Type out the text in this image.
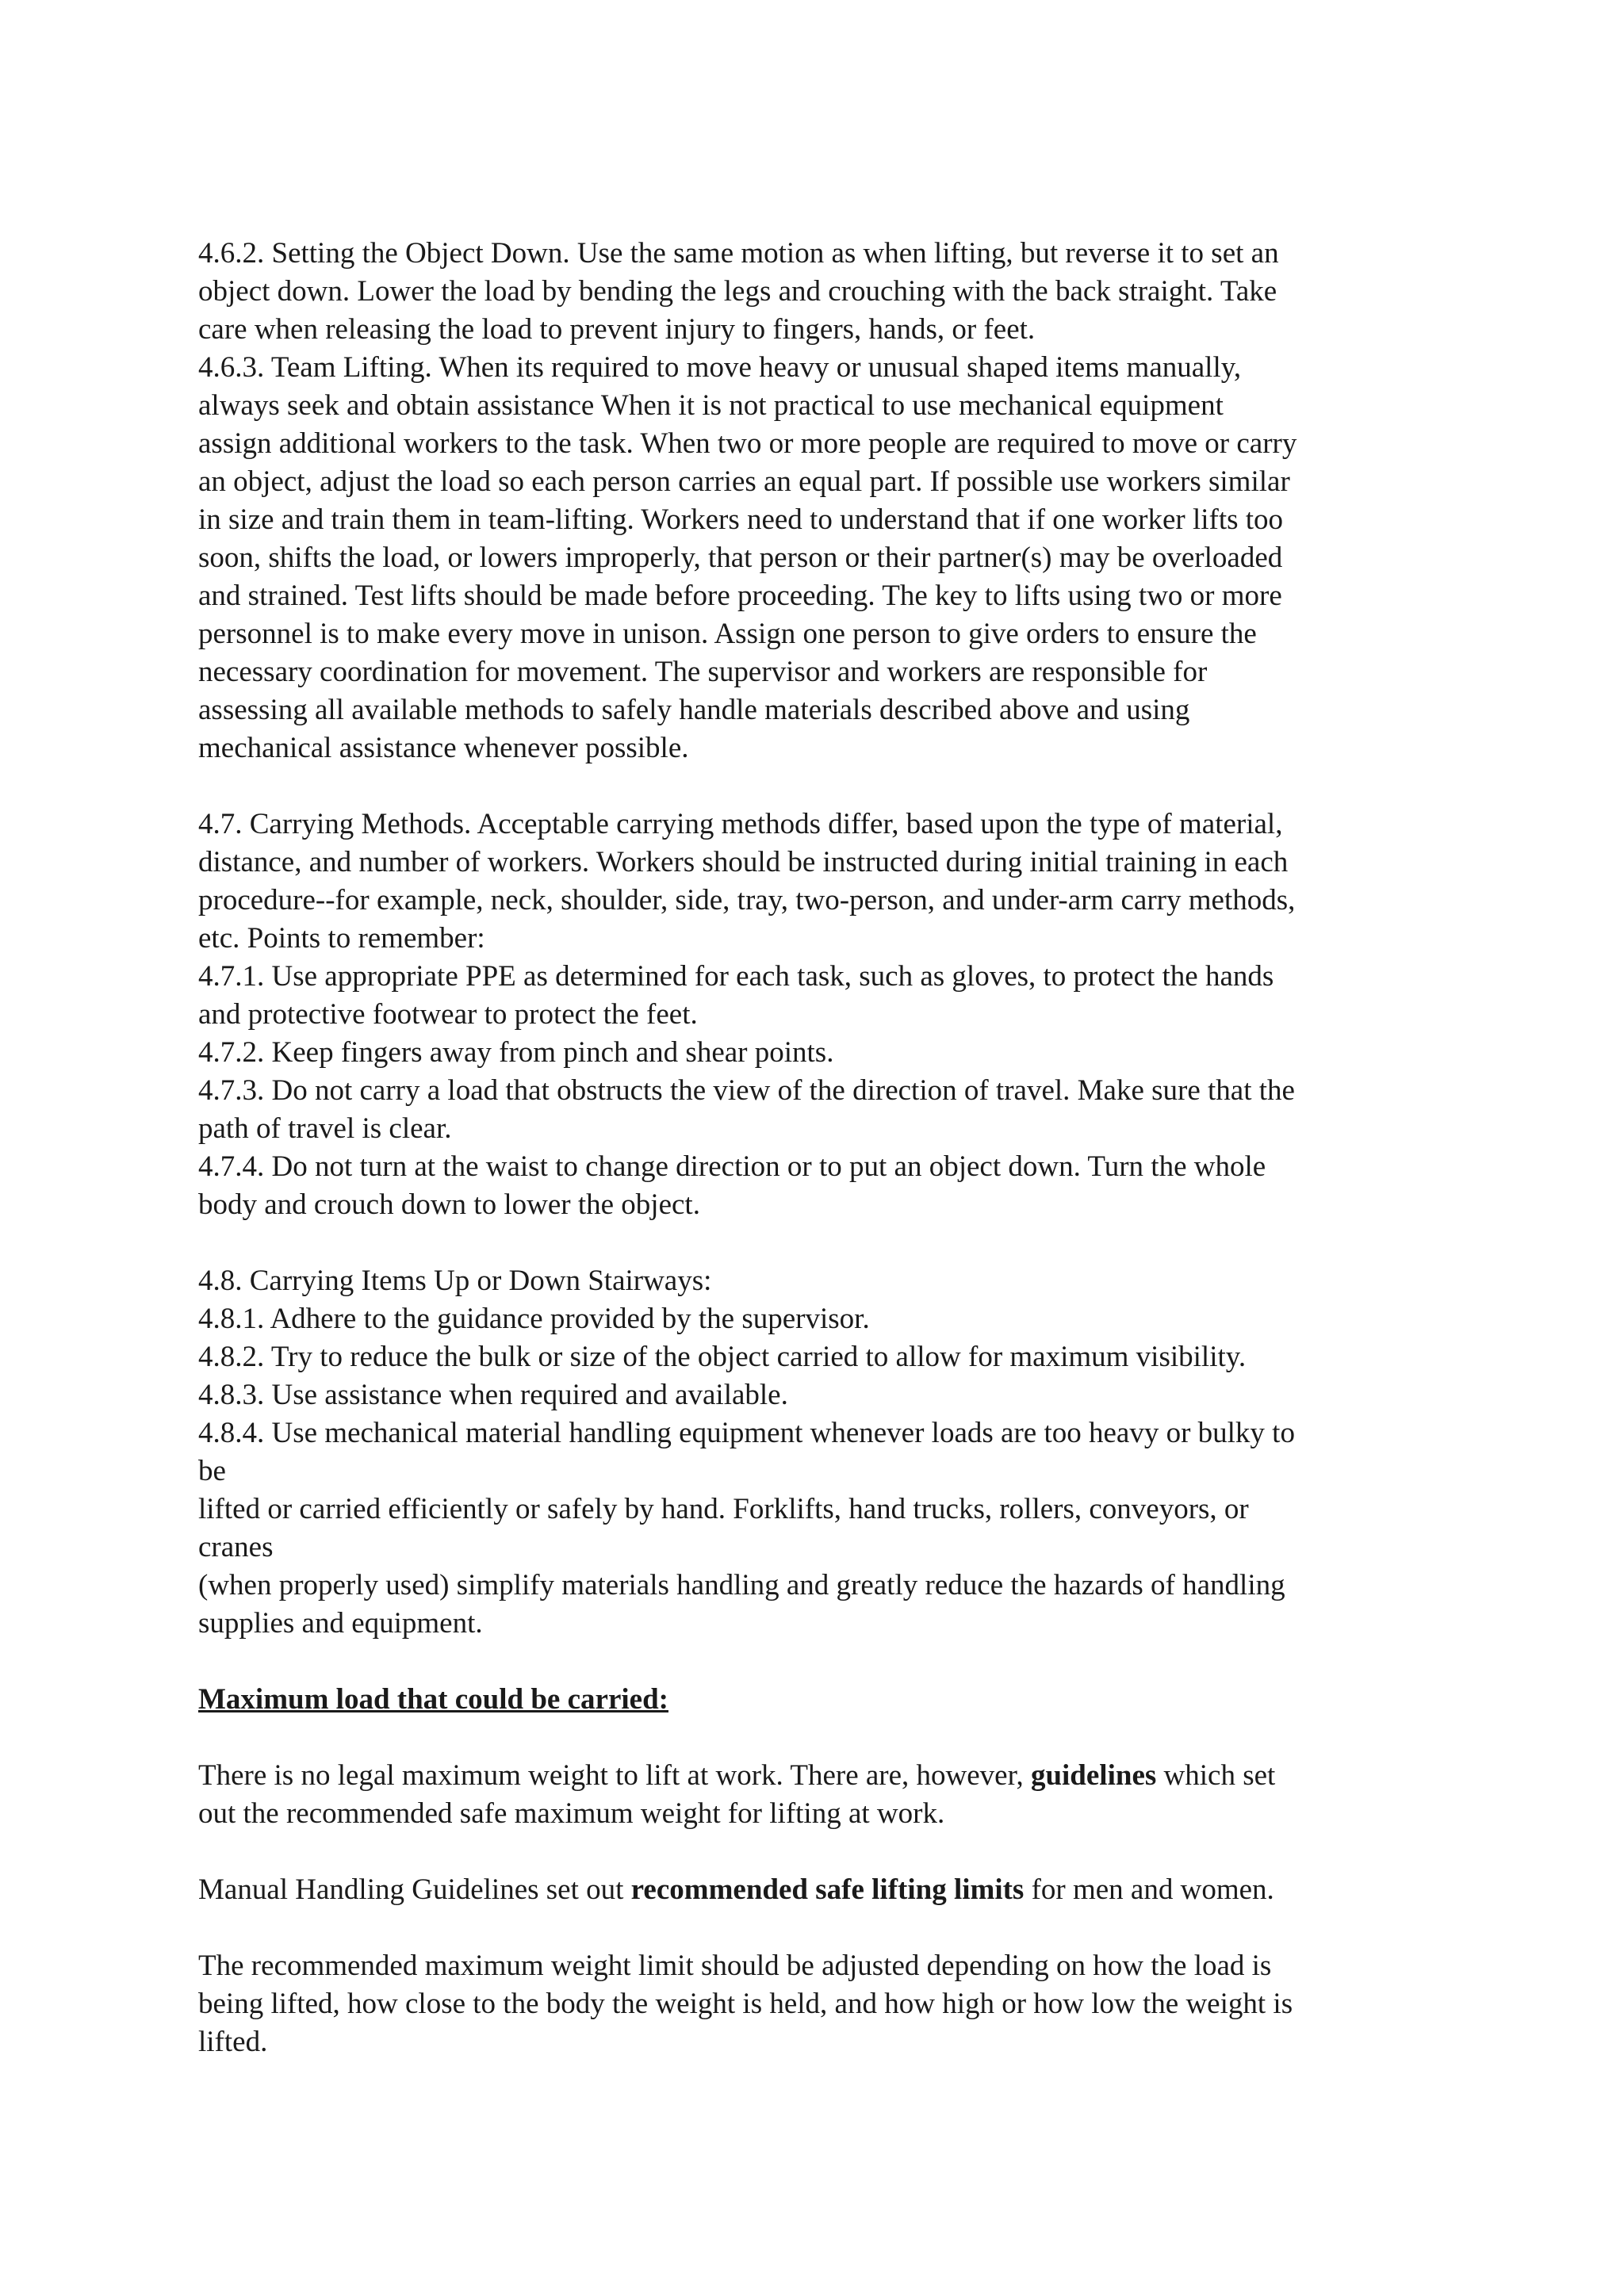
4.6.2. Setting the Object Down. Use the same motion as when lifting, but reverse it to set an
object down. Lower the load by bending the legs and crouching with the back straight. Take
care when releasing the load to prevent injury to fingers, hands, or feet.
4.6.3. Team Lifting. When its required to move heavy or unusual shaped items manually,
always seek and obtain assistance When it is not practical to use mechanical equipment
assign additional workers to the task. When two or more people are required to move or carry
an object, adjust the load so each person carries an equal part. If possible use workers similar
in size and train them in team-lifting. Workers need to understand that if one worker lifts too
soon, shifts the load, or lowers improperly, that person or their partner(s) may be overloaded
and strained. Test lifts should be made before proceeding. The key to lifts using two or more
personnel is to make every move in unison. Assign one person to give orders to ensure the
necessary coordination for movement. The supervisor and workers are responsible for
assessing all available methods to safely handle materials described above and using
mechanical assistance whenever possible.
4.7. Carrying Methods. Acceptable carrying methods differ, based upon the type of material,
distance, and number of workers. Workers should be instructed during initial training in each
procedure--for example, neck, shoulder, side, tray, two-person, and under-arm carry methods,
etc. Points to remember:
4.7.1. Use appropriate PPE as determined for each task, such as gloves, to protect the hands
and protective footwear to protect the feet.
4.7.2. Keep fingers away from pinch and shear points.
4.7.3. Do not carry a load that obstructs the view of the direction of travel. Make sure that the
path of travel is clear.
4.7.4. Do not turn at the waist to change direction or to put an object down. Turn the whole
body and crouch down to lower the object.
4.8. Carrying Items Up or Down Stairways:
4.8.1. Adhere to the guidance provided by the supervisor.
4.8.2. Try to reduce the bulk or size of the object carried to allow for maximum visibility.
4.8.3. Use assistance when required and available.
4.8.4. Use mechanical material handling equipment whenever loads are too heavy or bulky to
be
lifted or carried efficiently or safely by hand. Forklifts, hand trucks, rollers, conveyors, or
cranes
(when properly used) simplify materials handling and greatly reduce the hazards of handling
supplies and equipment.
Maximum load that could be carried:
There is no legal maximum weight to lift at work. There are, however, guidelines which set
out the recommended safe maximum weight for lifting at work.
Manual Handling Guidelines set out recommended safe lifting limits for men and women.
The recommended maximum weight limit should be adjusted depending on how the load is
being lifted, how close to the body the weight is held, and how high or how low the weight is
lifted.
